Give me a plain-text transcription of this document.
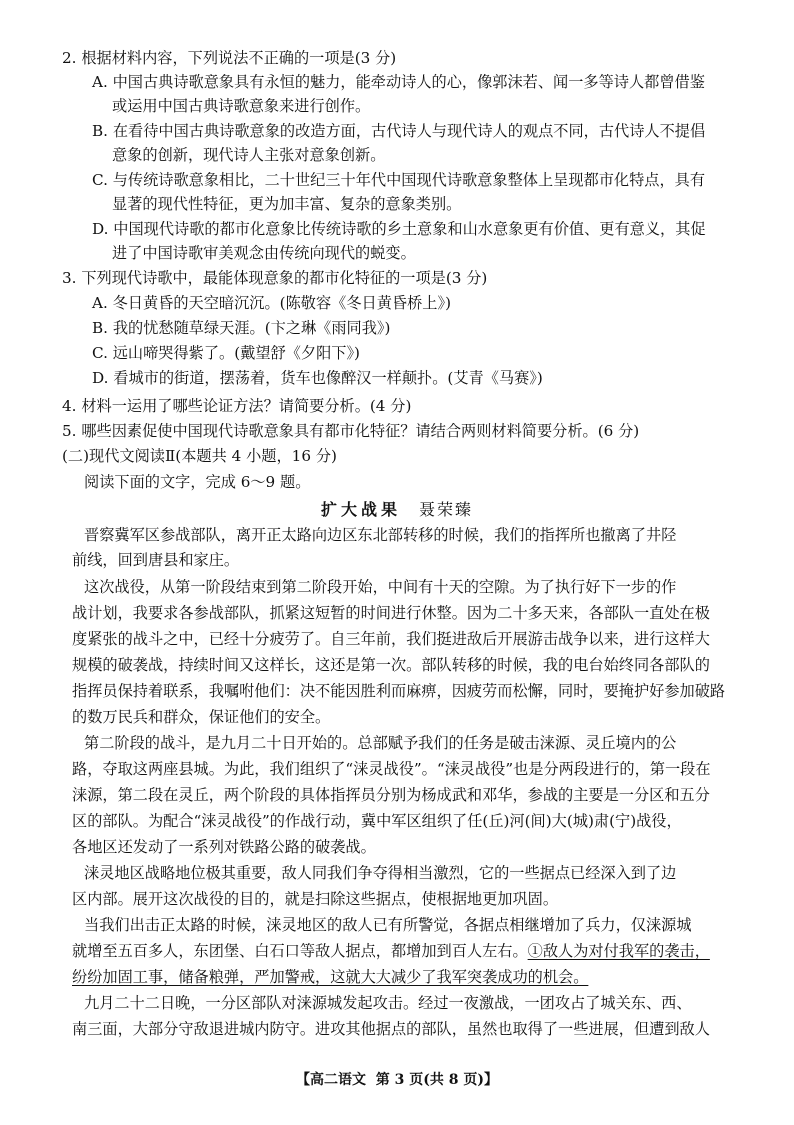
2. 根据材料内容，下列说法不正确的一项是(3 分)
A. 中国古典诗歌意象具有永恒的魅力，能牵动诗人的心，像郭沫若、闻一多等诗人都曾借鉴
或运用中国古典诗歌意象来进行创作。
B. 在看待中国古典诗歌意象的改造方面，古代诗人与现代诗人的观点不同，古代诗人不提倡
意象的创新，现代诗人主张对意象创新。
C. 与传统诗歌意象相比，二十世纪三十年代中国现代诗歌意象整体上呈现都市化特点，具有
显著的现代性特征，更为加丰富、复杂的意象类别。
D. 中国现代诗歌的都市化意象比传统诗歌的乡土意象和山水意象更有价值、更有意义，其促
进了中国诗歌审美观念由传统向现代的蜕变。
3. 下列现代诗歌中，最能体现意象的都市化特征的一项是(3 分)
A. 冬日黄昏的天空暗沉沉。(陈敬容《冬日黄昏桥上》)
B. 我的忧愁随草绿天涯。(卞之琳《雨同我》)
C. 远山啼哭得紫了。(戴望舒《夕阳下》)
D. 看城市的街道，摆荡着，货车也像醉汉一样颠扑。(艾青《马赛》)
4. 材料一运用了哪些论证方法？请简要分析。(4 分)
5. 哪些因素促使中国现代诗歌意象具有都市化特征？请结合两则材料简要分析。(6 分)
(二)现代文阅读Ⅱ(本题共 4 小题，16 分)
阅读下面的文字，完成 6～9 题。
扩大战果 聂荣臻
晋察冀军区参战部队，离开正太路向边区东北部转移的时候，我们的指挥所也撤离了井陉
前线，回到唐县和家庄。
这次战役，从第一阶段结束到第二阶段开始，中间有十天的空隙。为了执行好下一步的作
战计划，我要求各参战部队，抓紧这短暂的时间进行休整。因为二十多天来，各部队一直处在极
度紧张的战斗之中，已经十分疲劳了。自三年前，我们挺进敌后开展游击战争以来，进行这样大
规模的破袭战，持续时间又这样长，这还是第一次。部队转移的时候，我的电台始终同各部队的
指挥员保持着联系，我嘱咐他们：决不能因胜利而麻痹，因疲劳而松懈，同时，要掩护好参加破路
的数万民兵和群众，保证他们的安全。
第二阶段的战斗，是九月二十日开始的。总部赋予我们的任务是破击涞源、灵丘境内的公
路，夺取这两座县城。为此，我们组织了“涞灵战役”。“涞灵战役”也是分两段进行的，第一段在
涞源，第二段在灵丘，两个阶段的具体指挥员分别为杨成武和邓华，参战的主要是一分区和五分
区的部队。为配合“涞灵战役”的作战行动，冀中军区组织了任(丘)河(间)大(城)肃(宁)战役，
各地区还发动了一系列对铁路公路的破袭战。
涞灵地区战略地位极其重要，敌人同我们争夺得相当激烈，它的一些据点已经深入到了边
区内部。展开这次战役的目的，就是扫除这些据点，使根据地更加巩固。
当我们出击正太路的时候，涞灵地区的敌人已有所警觉，各据点相继增加了兵力，仅涞源城
就增至五百多人，东团堡、白石口等敌人据点，都增加到百人左右。①敌人为对付我军的袭击，
纷纷加固工事，储备粮弹，严加警戒，这就大大减少了我军突袭成功的机会。
九月二十二日晚，一分区部队对涞源城发起攻击。经过一夜激战，一团攻占了城关东、西、
南三面，大部分守敌退进城内防守。进攻其他据点的部队，虽然也取得了一些进展，但遭到敌人
【高二语文 第 3 页(共 8 页)】
